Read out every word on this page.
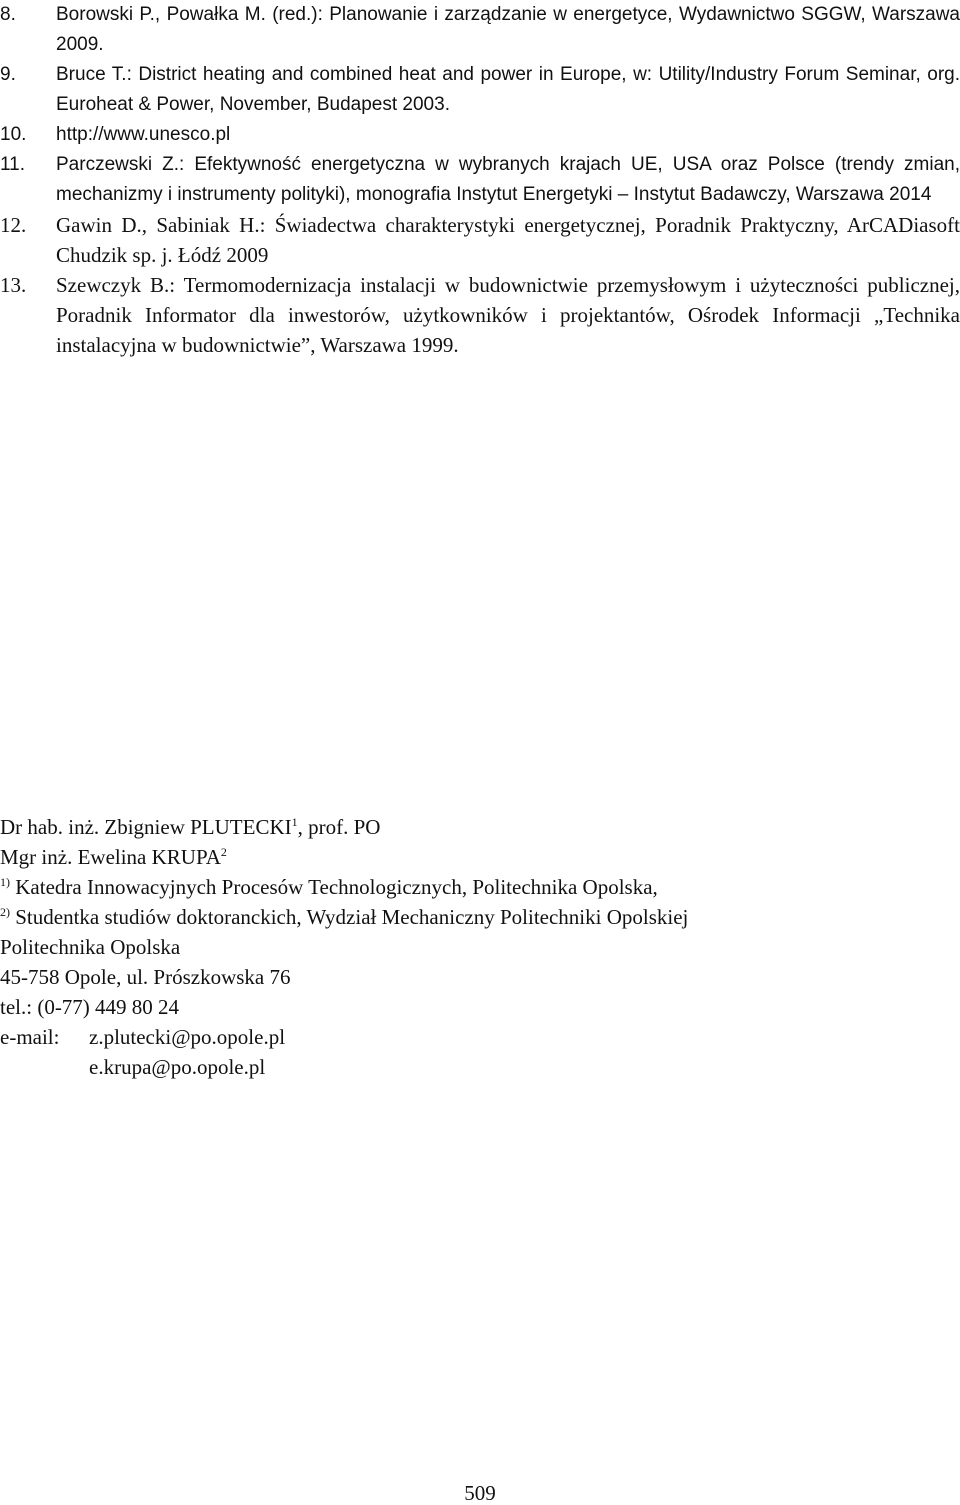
8.	Borowski P., Powałka M. (red.): Planowanie i zarządzanie w energetyce, Wydawnictwo SGGW, Warszawa 2009.
9.	Bruce T.: District heating and combined heat and power in Europe, w: Utility/Industry Forum Seminar, org. Euroheat & Power, November, Budapest 2003.
10.	http://www.unesco.pl
11.	Parczewski Z.: Efektywność energetyczna w wybranych krajach UE, USA oraz Polsce (trendy zmian, mechanizmy i instrumenty polityki), monografia Instytut Energetyki – Instytut Badawczy, Warszawa 2014
12.	Gawin D., Sabiniak H.: Świadectwa charakterystyki energetycznej, Poradnik Praktyczny, ArCADiasoft Chudzik sp. j. Łódź 2009
13.	Szewczyk B.: Termomodernizacja instalacji w budownictwie przemysłowym i użyteczności publicznej, Poradnik Informator dla inwestorów, użytkowników i projektantów, Ośrodek Informacji „Technika instalacyjna w budownictwie”, Warszawa 1999.
Dr hab. inż. Zbigniew PLUTECKI$^1$, prof. PO
Mgr inż. Ewelina KRUPA$^2$
$^{1)}$ Katedra Innowacyjnych Procesów Technologicznych, Politechnika Opolska,
$^{2)}$ Studentka studiów doktoranckich, Wydział Mechaniczny Politechniki Opolskiej
Politechnika Opolska
45-758 Opole, ul. Prószkowska 76
tel.: (0-77) 449 80 24
e-mail:	z.plutecki@po.opole.pl
e.krupa@po.opole.pl
509
